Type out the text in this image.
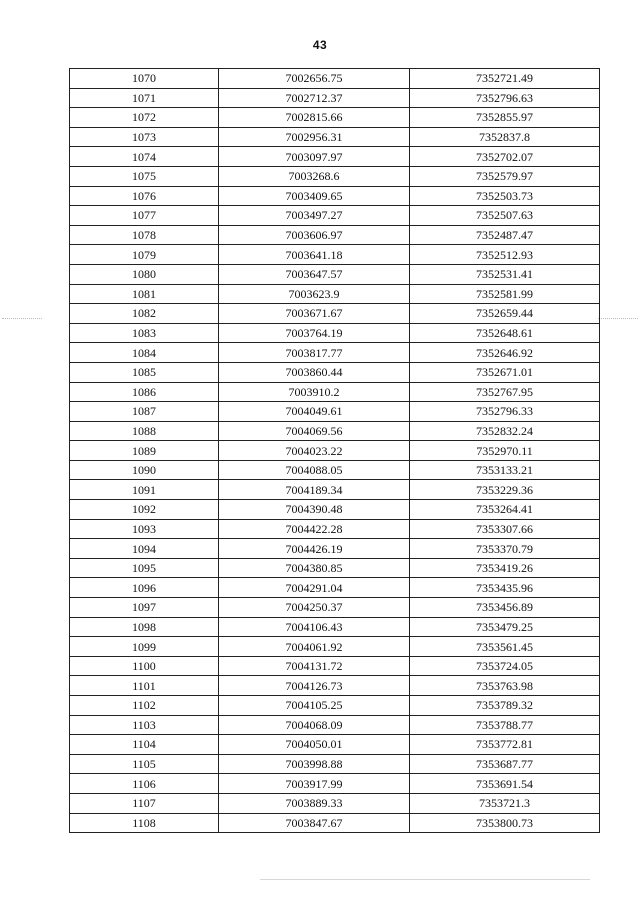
43
1070	7002656.75	7352721.49
1071	7002712.37	7352796.63
1072	7002815.66	7352855.97
1073	7002956.31	7352837.8
1074	7003097.97	7352702.07
1075	7003268.6	7352579.97
1076	7003409.65	7352503.73
1077	7003497.27	7352507.63
1078	7003606.97	7352487.47
1079	7003641.18	7352512.93
1080	7003647.57	7352531.41
1081	7003623.9	7352581.99
1082	7003671.67	7352659.44
1083	7003764.19	7352648.61
1084	7003817.77	7352646.92
1085	7003860.44	7352671.01
1086	7003910.2	7352767.95
1087	7004049.61	7352796.33
1088	7004069.56	7352832.24
1089	7004023.22	7352970.11
1090	7004088.05	7353133.21
1091	7004189.34	7353229.36
1092	7004390.48	7353264.41
1093	7004422.28	7353307.66
1094	7004426.19	7353370.79
1095	7004380.85	7353419.26
1096	7004291.04	7353435.96
1097	7004250.37	7353456.89
1098	7004106.43	7353479.25
1099	7004061.92	7353561.45
1100	7004131.72	7353724.05
1101	7004126.73	7353763.98
1102	7004105.25	7353789.32
1103	7004068.09	7353788.77
1104	7004050.01	7353772.81
1105	7003998.88	7353687.77
1106	7003917.99	7353691.54
1107	7003889.33	7353721.3
1108	7003847.67	7353800.73
